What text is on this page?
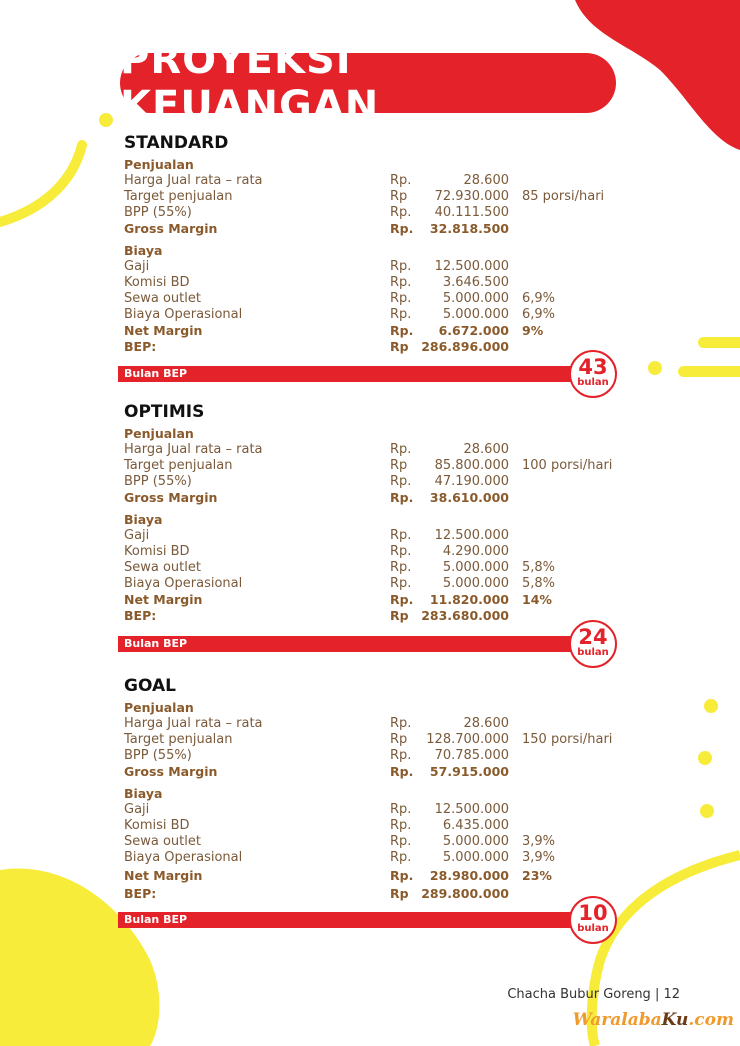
PROYEKSI KEUANGAN
STANDARD
Penjualan
Harga Jual rata – rata	Rp.	28.600
Target penjualan	Rp 72.930.000 85 porsi/hari
BPP (55%)	Rp. 40.111.500
Gross Margin	Rp. 32.818.500
Biaya
Gaji	Rp. 12.500.000
Komisi BD	Rp. 3.646.500
Sewa outlet	Rp. 5.000.000 6,9%
Biaya Operasional	Rp. 5.000.000 6,9%
Net Margin	Rp. 6.672.000 9%
BEP:	Rp 286.896.000
Bulan BEP	43
bulan
OPTIMIS
Penjualan
Harga Jual rata – rata	Rp.	28.600
Target penjualan	Rp 85.800.000 100 porsi/hari
BPP (55%)	Rp. 47.190.000
Gross Margin	Rp. 38.610.000
Biaya
Gaji	Rp. 12.500.000
Komisi BD	Rp. 4.290.000
Sewa outlet	Rp. 5.000.000 5,8%
Biaya Operasional	Rp. 5.000.000 5,8%
Net Margin	Rp. 11.820.000 14%
BEP:	Rp 283.680.000
Bulan BEP	24
bulan
GOAL
Penjualan
Harga Jual rata – rata	Rp.	28.600
Target penjualan	Rp 128.700.000 150 porsi/hari
BPP (55%)	Rp. 70.785.000
Gross Margin	Rp. 57.915.000
Biaya
Gaji	Rp. 12.500.000
Komisi BD	Rp. 6.435.000
Sewa outlet	Rp. 5.000.000 3,9%
Biaya Operasional	Rp. 5.000.000 3,9%
Net Margin	Rp. 28.980.000 23%
BEP:	Rp 289.800.000
Bulan BEP	10
bulan
Chacha Bubur Goreng | 12
WaralabaKu.com
